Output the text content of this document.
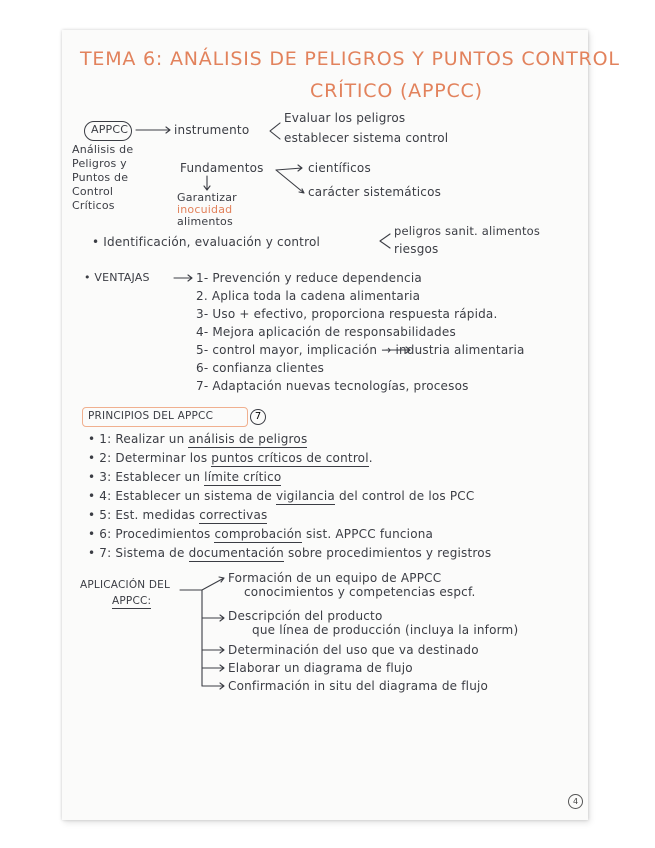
TEMA 6: ANÁLISIS DE PELIGROS Y PUNTOS CONTROL
CRÍTICO (APPCC)
APPCC	instrumento
Evaluar los peligros
establecer sistema control
Análisis de
Peligros y
Puntos de
Control
Críticos
Fundamentos	científicos
carácter sistemáticos
Garantizar
inocuidad
alimentos
• Identificación, evaluación y control
peligros sanit. alimentos
riesgos
• VENTAJAS	1- Prevención y reduce dependencia
2. Aplica toda la cadena alimentaria
3- Uso + efectivo, proporciona respuesta rápida.
4- Mejora aplicación de responsabilidades
5- control mayor, implicación → industria alimentaria
6- confianza clientes
7- Adaptación nuevas tecnologías, procesos
PRINCIPIOS DEL APPCC	7
• 1: Realizar un análisis de peligros
• 2: Determinar los puntos críticos de control.
• 3: Establecer un límite crítico
• 4: Establecer un sistema de vigilancia del control de los PCC
• 5: Est. medidas correctivas
• 6: Procedimientos comprobación sist. APPCC funciona
• 7: Sistema de documentación sobre procedimientos y registros
APLICACIÓN DEL
APPCC:
Formación de un equipo de APPCC
conocimientos y competencias espcf.
Descripción del producto
que línea de producción (incluya la inform)
Determinación del uso que va destinado
Elaborar un diagrama de flujo
Confirmación in situ del diagrama de flujo
4
